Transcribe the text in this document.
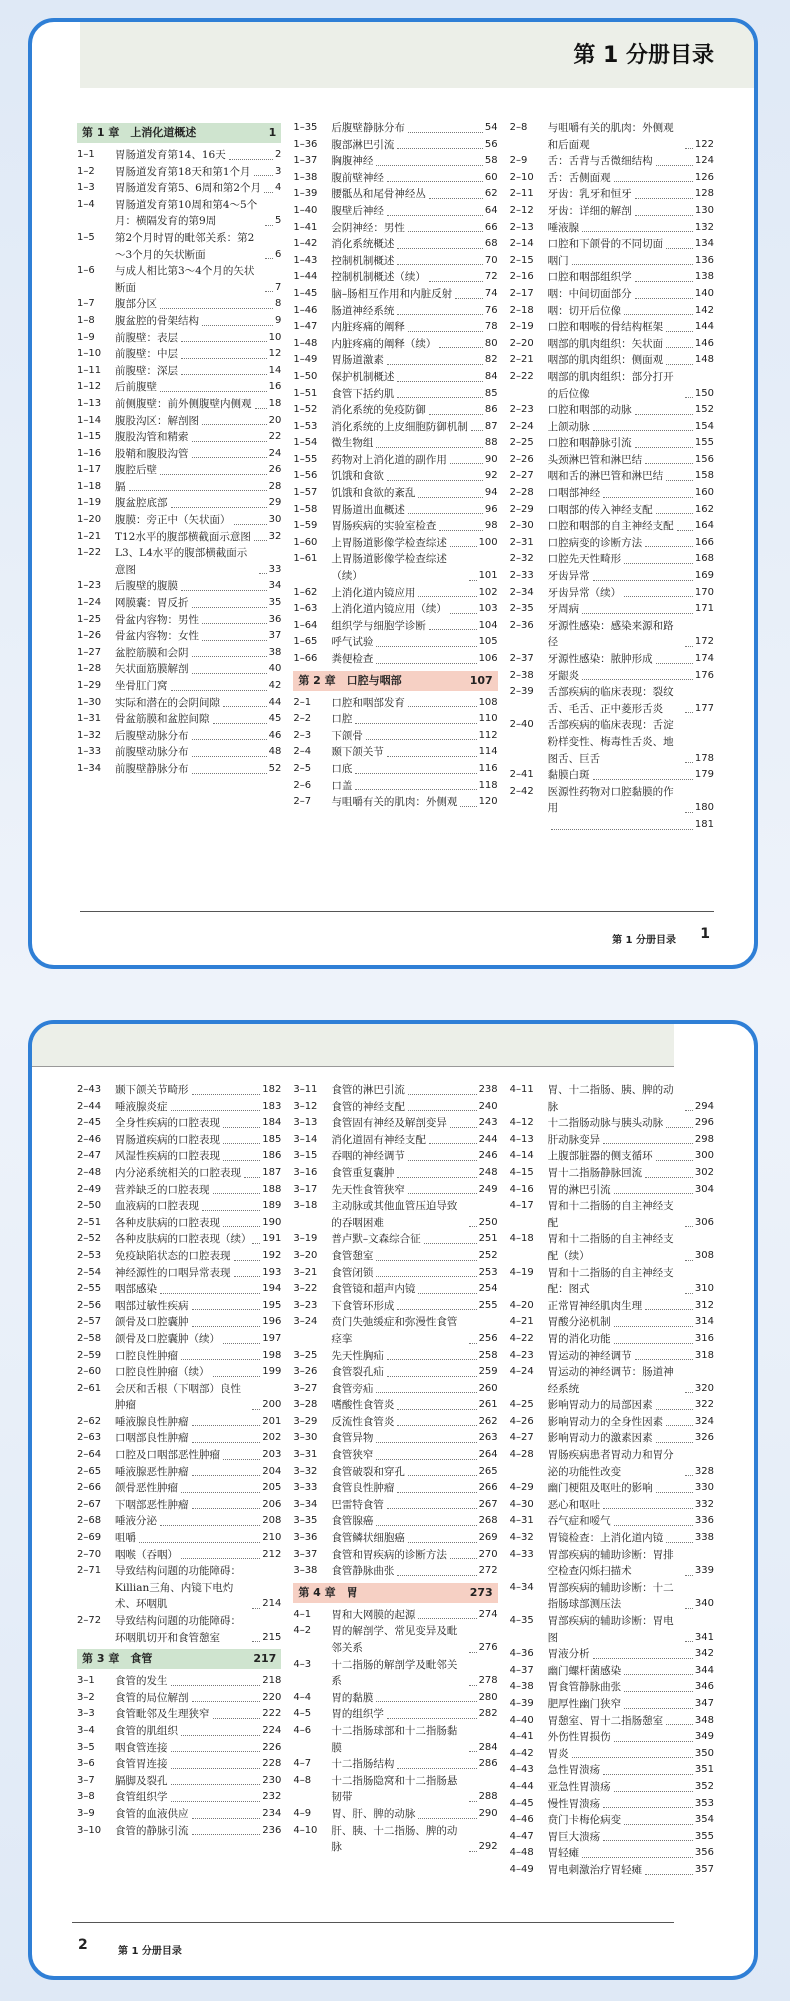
第 1 分册目录
第 1 章　上消化道概述	1
1–1	胃肠道发育第14、16天	2
1–2	胃肠道发育第18天和第1个月 3
1–3	胃肠道发育第5、6周和第2个月 4
1–4	胃肠道发育第10周和第4～5个月：横隔发育的第9周	5
1–5	第2个月时胃的毗邻关系：第2～3个月的矢状断面	6
1–6	与成人相比第3～4个月的矢状断面	7
1–7	腹部分区	8
1–8	腹盆腔的骨架结构	9
1–9	前腹壁：表层	10
1–10	前腹壁：中层	12
1–11	前腹壁：深层	14
1–12	后前腹壁	16
1–13	前侧腹壁：前外侧腹壁内侧观 18
1–14	腹股沟区：解剖图	20
1–15	腹股沟管和精索	22
1–16	股鞘和腹股沟管	24
1–17	腹腔后壁	26
1–18	膈	28
1–19	腹盆腔底部	29
1–20	腹膜：旁正中（矢状面）	30
1–21	T12水平的腹部横截面示意图 32
1–22	L3、L4水平的腹部横截面示意图	33
1–23	后腹壁的腹膜	34
1–24	网膜囊：胃反折	35
1–25	骨盆内容物：男性	36
1–26	骨盆内容物：女性	37
1–27	盆腔筋膜和会阴	38
1–28	矢状面筋膜解剖	40
1–29	坐骨肛门窝	42
1–30	实际和潜在的会阴间隙	44
1–31	骨盆筋膜和盆腔间隙	45
1–32	后腹壁动脉分布	46
1–33	前腹壁动脉分布	48
1–34	前腹壁静脉分布	52
1–35	后腹壁静脉分布	54
1–36	腹部淋巴引流	56
1–37	胸腹神经	58
1–38	腹前壁神经	60
1–39	腰骶丛和尾骨神经丛	62
1–40	腹壁后神经	64
1–41	会阴神经：男性	66
1–42	消化系统概述	68
1–43	控制机制概述	70
1–44	控制机制概述（续）	72
1–45	脑–肠相互作用和内脏反射	74
1–46	肠道神经系统	76
1–47	内脏疼痛的阐释	78
1–48	内脏疼痛的阐释（续）	80
1–49	胃肠道激素	82
1–50	保护机制概述	84
1–51	食管下括约肌	85
1–52	消化系统的免疫防御	86
1–53	消化系统的上皮细胞防御机制 87
1–54	微生物组	88
1–55	药物对上消化道的副作用	90
1–56	饥饿和食欲	92
1–57	饥饿和食欲的紊乱	94
1–58	胃肠道出血概述	96
1–59	胃肠疾病的实验室检查	98
1–60	上胃肠道影像学检查综述	100
1–61	上胃肠道影像学检查综述（续）	101
1–62	上消化道内镜应用	102
1–63	上消化道内镜应用（续）	103
1–64	组织学与细胞学诊断	104
1–65	呼气试验	105
1–66	粪便检查	106
第 2 章　口腔与咽部	107
2–1	口腔和咽部发育	108
2–2	口腔	110
2–3	下颌骨	112
2–4	颞下颌关节	114
2–5	口底	116
2–6	口盖	118
2–7	与咀嚼有关的肌肉：外侧观 120
2–8	与咀嚼有关的肌肉：外侧观和后面观	122
2–9	舌：舌背与舌微细结构	124
2–10	舌：舌侧面观	126
2–11	牙齿：乳牙和恒牙	128
2–12	牙齿：详细的解剖	130
2–13	唾液腺	132
2–14	口腔和下颌骨的不同切面	134
2–15	咽门	136
2–16	口腔和咽部组织学	138
2–17	咽：中间切面部分	140
2–18	咽：切开后位像	142
2–19	口腔和咽喉的骨结构框架	144
2–20	咽部的肌肉组织：矢状面	146
2–21	咽部的肌肉组织：侧面观	148
2–22	咽部的肌肉组织：部分打开的后位像	150
2–23	口腔和咽部的动脉	152
2–24	上颌动脉	154
2–25	口腔和咽静脉引流	155
2–26	头颈淋巴管和淋巴结	156
2–27	咽和舌的淋巴管和淋巴结	158
2–28	口咽部神经	160
2–29	口咽部的传入神经支配	162
2–30	口腔和咽部的自主神经支配 164
2–31	口腔病变的诊断方法	166
2–32	口腔先天性畸形	168
2–33	牙齿异常	169
2–34	牙齿异常（续）	170
2–35	牙周病	171
2–36	牙源性感染：感染来源和路径	172
2–37	牙源性感染：脓肿形成	174
2–38	牙龈炎	176
2–39	舌部疾病的临床表现：裂纹舌、毛舌、正中菱形舌炎	177
2–40	舌部疾病的临床表现：舌淀粉样变性、梅毒性舌炎、地图舌、巨舌	178
2–41	黏膜白斑	179
2–42	医源性药物对口腔黏膜的作用	180
181
第 1 分册目录 1
2–43	颞下颌关节畸形	182
2–44	唾液腺炎症	183
2–45	全身性疾病的口腔表现	184
2–46	胃肠道疾病的口腔表现	185
2–47	风湿性疾病的口腔表现	186
2–48	内分泌系统相关的口腔表现 187
2–49	营养缺乏的口腔表现	188
2–50	血液病的口腔表现	189
2–51	各种皮肤病的口腔表现	190
2–52	各种皮肤病的口腔表现（续） 191
2–53	免疫缺陷状态的口腔表现	192
2–54	神经源性的口咽异常表现	193
2–55	咽部感染	194
2–56	咽部过敏性疾病	195
2–57	颌骨及口腔囊肿	196
2–58	颌骨及口腔囊肿（续）	197
2–59	口腔良性肿瘤	198
2–60	口腔良性肿瘤（续）	199
2–61	会厌和舌根（下咽部）良性肿瘤	200
2–62	唾液腺良性肿瘤	201
2–63	口咽部良性肿瘤	202
2–64	口腔及口咽部恶性肿瘤	203
2–65	唾液腺恶性肿瘤	204
2–66	颌骨恶性肿瘤	205
2–67	下咽部恶性肿瘤	206
2–68	唾液分泌	208
2–69	咀嚼	210
2–70	咽喉（吞咽）	212
2–71	导致结构问题的功能障碍：Killian三角、内镜下电灼术、环咽肌	214
2–72	导致结构问题的功能障碍：环咽肌切开和食管憩室	215
第 3 章　食管	217
3–1	食管的发生	218
3–2	食管的局位解剖	220
3–3	食管毗邻及生理狭窄	222
3–4	食管的肌组织	224
3–5	咽食管连接	226
3–6	食管胃连接	228
3–7	膈脚及裂孔	230
3–8	食管组织学	232
3–9	食管的血液供应	234
3–10	食管的静脉引流	236
3–11	食管的淋巴引流	238
3–12	食管的神经支配	240
3–13	食管固有神经及解剖变异	243
3–14	消化道固有神经支配	244
3–15	吞咽的神经调节	246
3–16	食管重复囊肿	248
3–17	先天性食管狭窄	249
3–18	主动脉或其他血管压迫导致的吞咽困难	250
3–19	普卢默–文森综合征	251
3–20	食管憩室	252
3–21	食管闭锁	253
3–22	食管镜和超声内镜	254
3–23	下食管环形成	255
3–24	贲门失弛缓症和弥漫性食管痉挛	256
3–25	先天性胸疝	258
3–26	食管裂孔疝	259
3–27	食管旁疝	260
3–28	嗜酸性食管炎	261
3–29	反流性食管炎	262
3–30	食管异物	263
3–31	食管狭窄	264
3–32	食管破裂和穿孔	265
3–33	食管良性肿瘤	266
3–34	巴雷特食管	267
3–35	食管腺癌	268
3–36	食管鳞状细胞癌	269
3–37	食管和胃疾病的诊断方法	270
3–38	食管静脉曲张	272
第 4 章　胃	273
4–1	胃和大网膜的起源	274
4–2	胃的解剖学、常见变异及毗邻关系	276
4–3	十二指肠的解剖学及毗邻关系	278
4–4	胃的黏膜	280
4–5	胃的组织学	282
4–6	十二指肠球部和十二指肠黏膜	284
4–7	十二指肠结构	286
4–8	十二指肠隐窝和十二指肠悬韧带	288
4–9	胃、肝、脾的动脉	290
4–10	肝、胰、十二指肠、脾的动脉	292
4–11	胃、十二指肠、胰、脾的动脉	294
4–12	十二指肠动脉与胰头动脉	296
4–13	肝动脉变异	298
4–14	上腹部脏器的侧支循环	300
4–15	胃十二指肠静脉回流	302
4–16	胃的淋巴引流	304
4–17	胃和十二指肠的自主神经支配	306
4–18	胃和十二指肠的自主神经支配（续）	308
4–19	胃和十二指肠的自主神经支配：图式	310
4–20	正常胃神经肌肉生理	312
4–21	胃酸分泌机制	314
4–22	胃的消化功能	316
4–23	胃运动的神经调节	318
4–24	胃运动的神经调节：肠道神经系统	320
4–25	影响胃动力的局部因素	322
4–26	影响胃动力的全身性因素	324
4–27	影响胃动力的激素因素	326
4–28	胃肠疾病患者胃动力和胃分泌的功能性改变	328
4–29	幽门梗阻及呕吐的影响	330
4–30	恶心和呕吐	332
4–31	吞气症和嗳气	336
4–32	胃镜检查：上消化道内镜	338
4–33	胃部疾病的辅助诊断：胃排空检查闪烁扫描术	339
4–34	胃部疾病的辅助诊断：十二指肠球部测压法	340
4–35	胃部疾病的辅助诊断：胃电图	341
4–36	胃液分析	342
4–37	幽门螺杆菌感染	344
4–38	胃食管静脉曲张	346
4–39	肥厚性幽门狭窄	347
4–40	胃憩室、胃十二指肠憩室	348
4–41	外伤性胃损伤	349
4–42	胃炎	350
4–43	急性胃溃疡	351
4–44	亚急性胃溃疡	352
4–45	慢性胃溃疡	353
4–46	贲门卡梅伦病变	354
4–47	胃巨大溃疡	355
4–48	胃轻瘫	356
4–49	胃电刺激治疗胃轻瘫	357
2	第 1 分册目录
